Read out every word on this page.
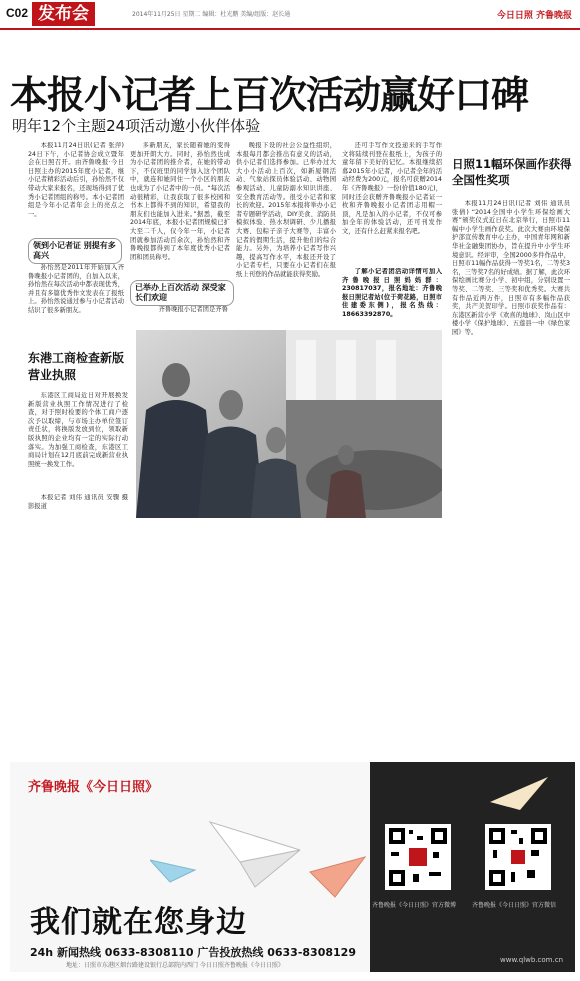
C02 发布会	2014年11月25日 星期二 编辑：杜光鹏 美编/组版：赵长通	今日日照 齐鲁晚报
本报小记者上百次活动赢好口碑
明年12个主题24项活动邀小伙伴体验

本报11月24日讯(记者 张萍) 24日下午，小记者协会成立暨年会在日照召开。由齐鲁晚报·今日日照主办的2015年度小记者，继小记者精彩活动后引，孙怡然不仅带动大家来报名，还现场得到了优秀小记者团组的称号。本小记者团组是今年小记者年会上的亮点之一。

领到小记者证 别提有多高兴

孙怡然是2011年开始加入齐鲁晚报小记者团的，自加入以来，孙怡然在每次活动中都表现优秀，并且有多篇优秀作文发表在了报纸上。孙怡然说通过参与小记者活动结识了很多新朋友。

多新朋友，家长随着她的变得更加开朗大方。同时，孙怡然也成为小记者团的推介者，在她的带动下，不仅班里的同学加入这个团队中，就连和她同住一个小区的朋友也成为了小记者中的一员。“每次活动很精彩，让我获取了很多校园和书本上都得不到的知识，希望我的朋友们也能加入进来。”据悉，截至2014年底，本报小记者团规模已扩大至二千人，仅今年一年，小记者团就参加活动百余次，孙怡然和齐鲁晚报都得到了本年度优秀小记者团和团员称号。

已举办上百次活动 深受家长们欢迎

齐鲁晚报小记者团是齐鲁

晚报下设的社会公益性组织，本报每月都会推出有意义的活动，供小记者们选择参加。已举办过大大小小活动上百次，如新厦钢活动、气象站探员体验活动、动物园参观活动、儿童防溺水知识讲座、安全教育活动等。很受小记者和家长的欢迎。2015年本报将举办小记者专题研学活动，DIY美食、消防员模拟体验、热水坝调研、少儿播报大赛、包粽子亲子大赛等，丰富小记者的假期生活，提升他们的综合能力。另外，为培养小记者写作兴趣，提高写作水平，本报还开设了小记者专栏，只要在小记者们在报纸上刊登的作品就能获得奖励。

还可手写作文投递来的手写作文将陆续刊登在报纸上，为孩子的童年留下美好的记忆。本报继续招募2015年小记者，小记者全年的活动经费为200元，报名可获赠2014年《齐鲁晚报》一份(价值180元)，同时还会获赠齐鲁晚报小记者证一枚和齐鲁晚报小记者团志用帽一顶，凡是加入的小记者，不仅可参加全年的体验活动，还可刊发作文，还有什么赶紧来报名吧。

了解小记者团活动详情可加入齐鲁晚报日照妈妈群：230817037，报名地址：齐鲁晚报日照记者站(位于荷花路，日照市住建委东侧)，报名热线：18663392870。

东港工商检查新版营业执照

东港区工商局近日对开展换发新版营业执照工作情况进行了检查，对于照时检要的个体工商户逐次予以取缔，与市场主办单位签订责任状，将换版发放到位，领取新版执照的企业均有一定的实际行动落实。为加强工商检查，东港区工商局计划在12月底前完成新营业执照统一换发工作。

本报记者 刘伟 通讯员 安骤 摄影报道

日照11幅环保画作获得全国性奖项

本报11月24日讯(记者 刘伟 通讯员 张倩) “2014全国中小学生环保绘画大赛”颁奖仪式近日在北京举行，日照市11幅中小学生画作获奖。此次大赛由环境保护部宣传教育中心主办，中国青年网和新华社金融集团协办，旨在提升中小学生环境意识。经评审，全国2000多件作品中，日照市11幅作品获得一等奖1名，二等奖3名，三等奖7名的好成绩。据了解，此次环保绘画比赛分小学、初中组，分别设置一等奖、二等奖、三等奖和优秀奖。大赛共有作品近两万件，日照市有多幅作品获奖，共产美贺印学。日照市获奖作品有：东港区新营小学《欢喜的地球》、岚山区中楼小学《保护地球》、五莲县一中《绿色家园》等。

齐鲁晚报《今日日照》
我们就在您身边
24h 新闻热线 0633-8308110 广告投放热线 0633-8308129
地址：日照市东港区烟台路建设银行总部院内西门 今日日照齐鲁晚报《今日日照》
齐鲁晚报《今日日照》官方微博	齐鲁晚报《今日日照》官方微信
www.qlwb.com.cn
